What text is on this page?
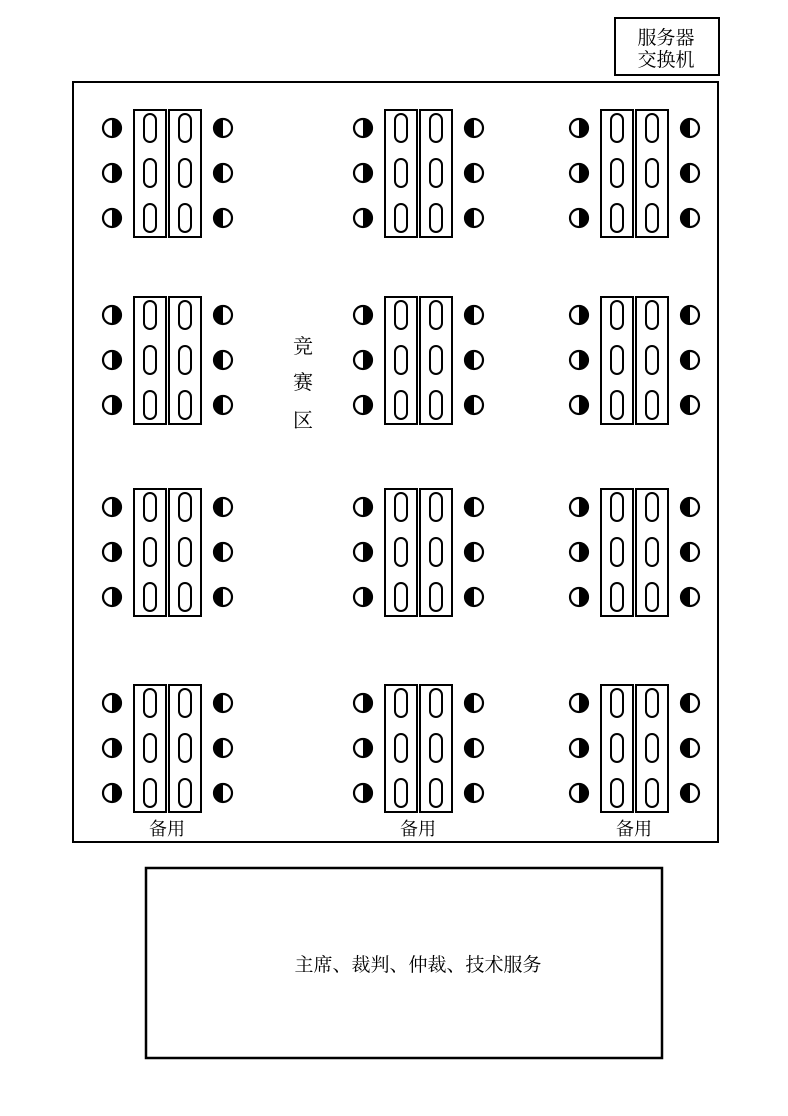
服务器
交换机
竞
赛
区
备用	备用	备用
主席、裁判、仲裁、技术服务
